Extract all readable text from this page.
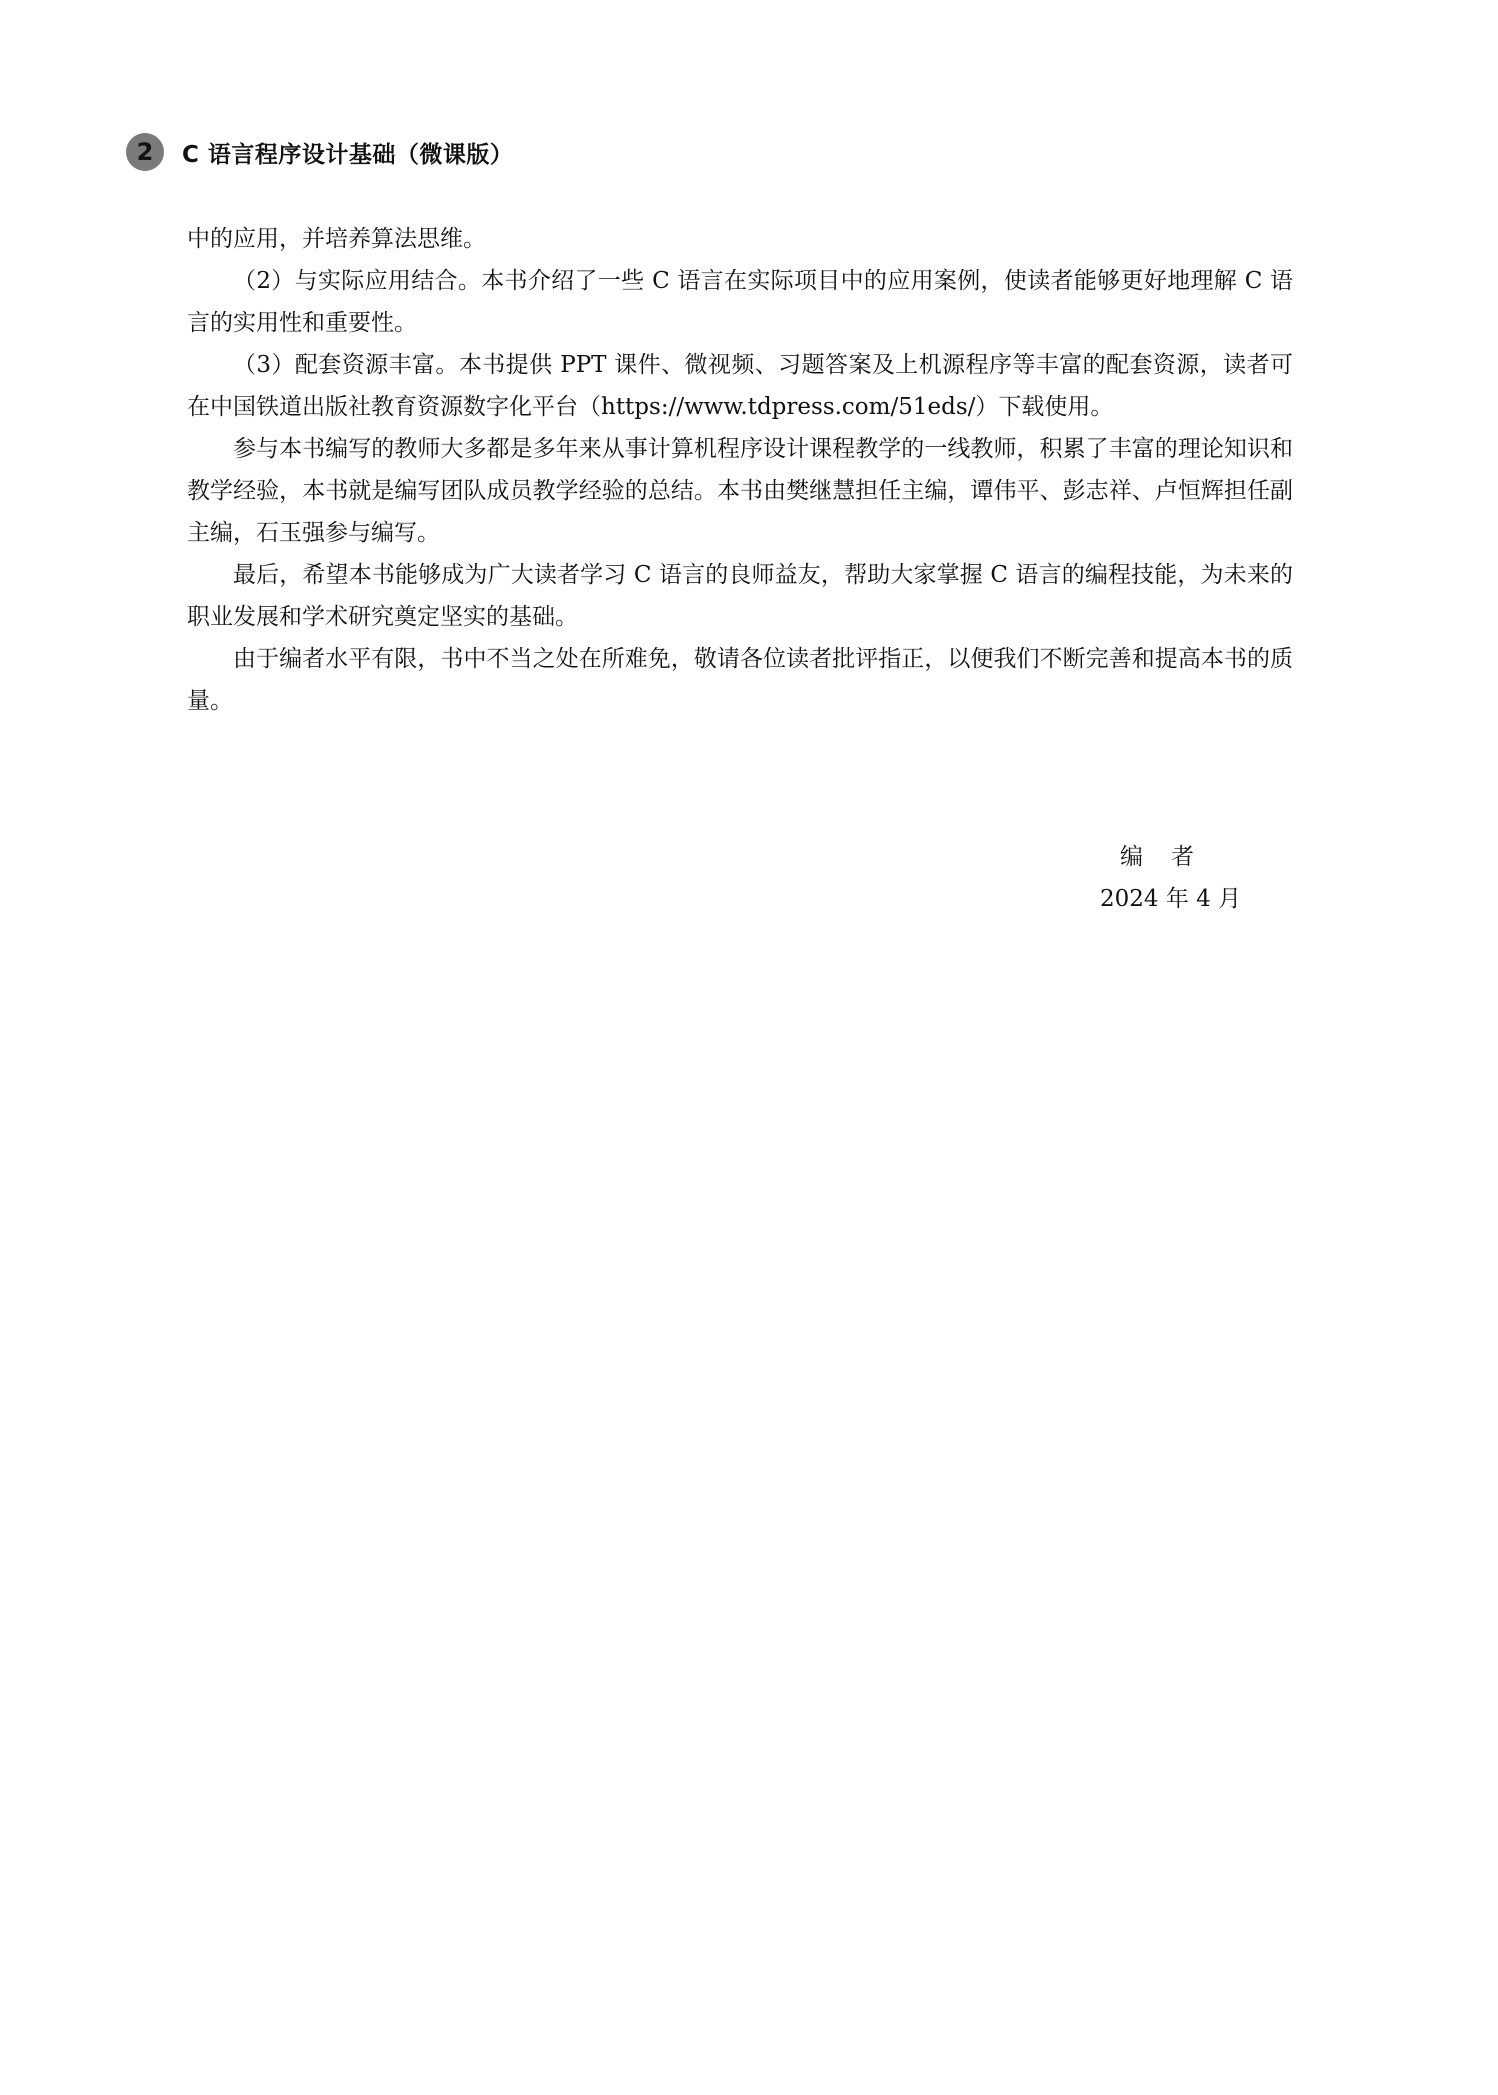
2	C 语言程序设计基础（微课版）

中的应用，并培养算法思维。

（2）与实际应用结合。本书介绍了一些 C 语言在实际项目中的应用案例，使读者能够更好地理解 C 语言的实用性和重要性。

（3）配套资源丰富。本书提供 PPT 课件、微视频、习题答案及上机源程序等丰富的配套资源，读者可在中国铁道出版社教育资源数字化平台（https://www.tdpress.com/51eds/）下载使用。

参与本书编写的教师大多都是多年来从事计算机程序设计课程教学的一线教师，积累了丰富的理论知识和教学经验，本书就是编写团队成员教学经验的总结。本书由樊继慧担任主编，谭伟平、彭志祥、卢恒辉担任副主编，石玉强参与编写。

最后，希望本书能够成为广大读者学习 C 语言的良师益友，帮助大家掌握 C 语言的编程技能，为未来的职业发展和学术研究奠定坚实的基础。

由于编者水平有限，书中不当之处在所难免，敬请各位读者批评指正，以便我们不断完善和提高本书的质量。

编者
2024 年 4 月
